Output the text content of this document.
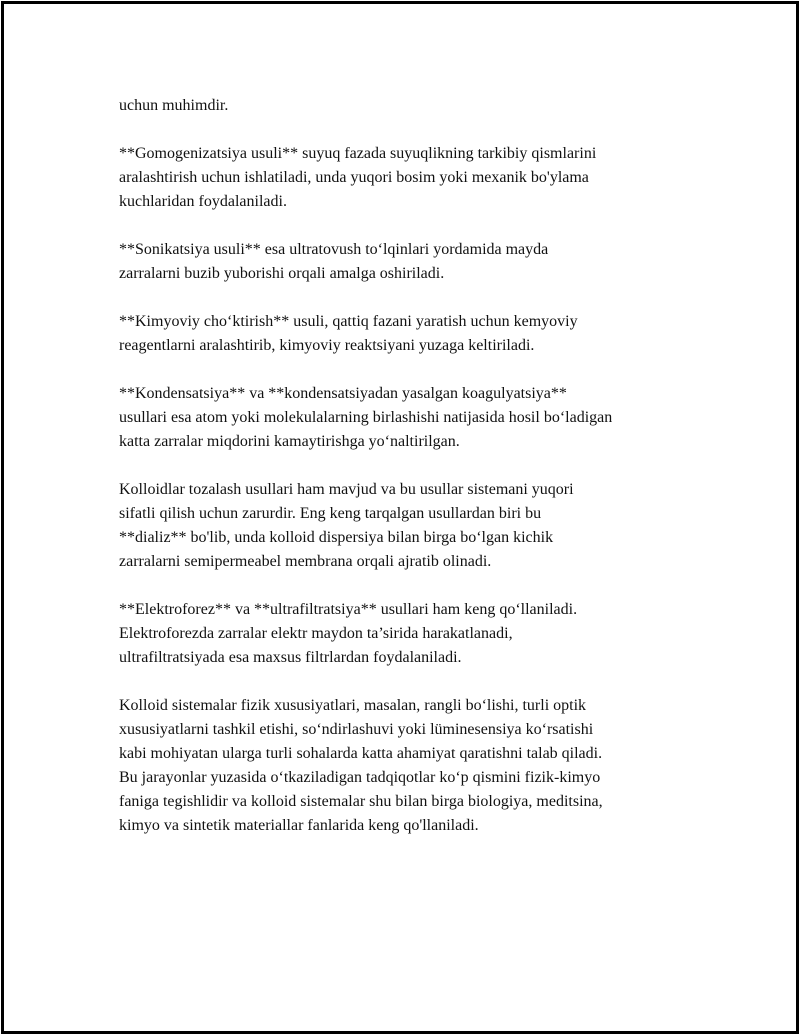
uchun muhimdir.

**Gomogenizatsiya usuli** suyuq fazada suyuqlikning tarkibiy qismlarini
aralashtirish uchun ishlatiladi, unda yuqori bosim yoki mexanik bo'ylama
kuchlaridan foydalaniladi.

**Sonikatsiya usuli** esa ultratovush to‘lqinlari yordamida mayda
zarralarni buzib yuborishi orqali amalga oshiriladi.

**Kimyoviy cho‘ktirish** usuli, qattiq fazani yaratish uchun kemyoviy
reagentlarni aralashtirib, kimyoviy reaktsiyani yuzaga keltiriladi.

**Kondensatsiya** va **kondensatsiyadan yasalgan koagulyatsiya**
usullari esa atom yoki molekulalarning birlashishi natijasida hosil bo‘ladigan
katta zarralar miqdorini kamaytirishga yo‘naltirilgan.

Kolloidlar tozalash usullari ham mavjud va bu usullar sistemani yuqori
sifatli qilish uchun zarurdir. Eng keng tarqalgan usullardan biri bu
**dializ** bo'lib, unda kolloid dispersiya bilan birga bo‘lgan kichik
zarralarni semipermeabel membrana orqali ajratib olinadi.

**Elektroforez** va **ultrafiltratsiya** usullari ham keng qo‘llaniladi.
Elektroforezda zarralar elektr maydon ta’sirida harakatlanadi,
ultrafiltratsiyada esa maxsus filtrlardan foydalaniladi.

Kolloid sistemalar fizik xususiyatlari, masalan, rangli bo‘lishi, turli optik
xususiyatlarni tashkil etishi, so‘ndirlashuvi yoki lüminesensiya ko‘rsatishi
kabi mohiyatan ularga turli sohalarda katta ahamiyat qaratishni talab qiladi.
Bu jarayonlar yuzasida o‘tkaziladigan tadqiqotlar ko‘p qismini fizik-kimyo
faniga tegishlidir va kolloid sistemalar shu bilan birga biologiya, meditsina,
kimyo va sintetik materiallar fanlarida keng qo'llaniladi.
